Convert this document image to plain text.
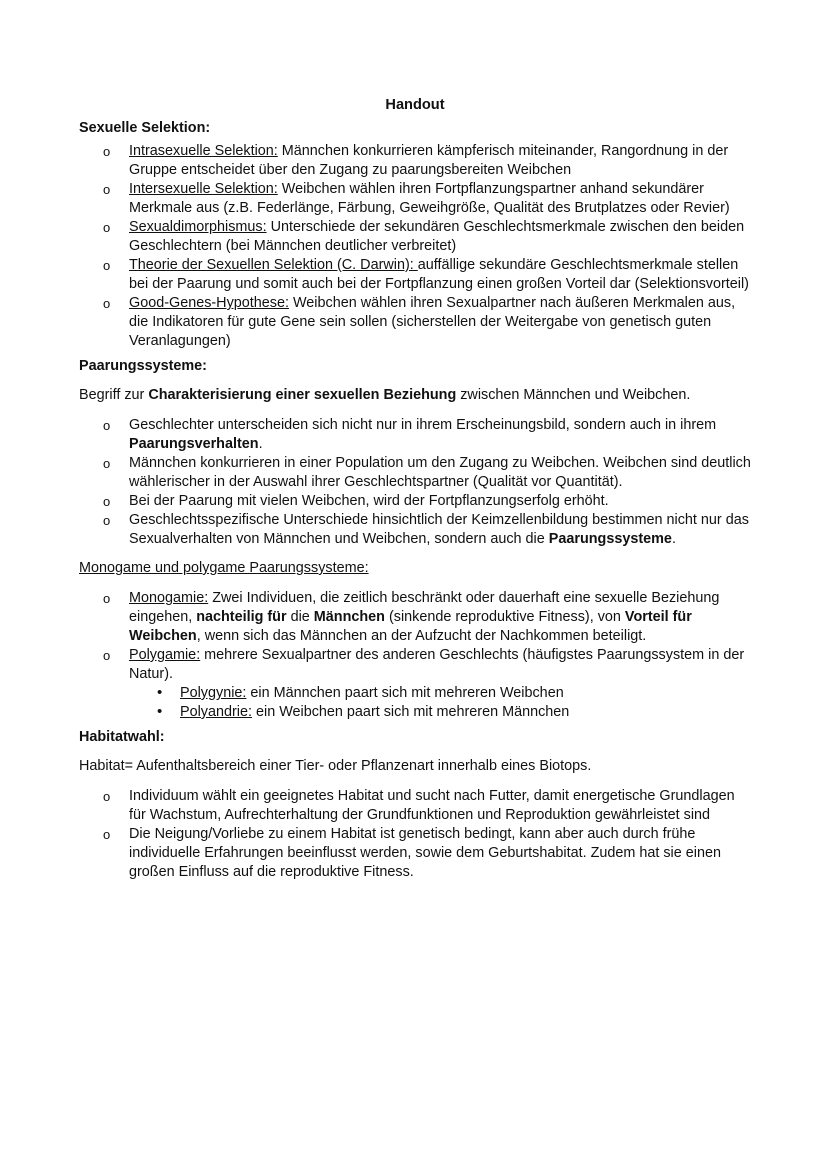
Handout
Sexuelle Selektion:
o Intrasexuelle Selektion: Männchen konkurrieren kämpferisch miteinander, Rangordnung in der Gruppe entscheidet über den Zugang zu paarungsbereiten Weibchen
o Intersexuelle Selektion: Weibchen wählen ihren Fortpflanzungspartner anhand sekundärer Merkmale aus (z.B. Federlänge, Färbung, Geweihgröße, Qualität des Brutplatzes oder Revier)
o Sexualdimorphismus: Unterschiede der sekundären Geschlechtsmerkmale zwischen den beiden Geschlechtern (bei Männchen deutlicher verbreitet)
o Theorie der Sexuellen Selektion (C. Darwin): auffällige sekundäre Geschlechtsmerkmale stellen bei der Paarung und somit auch bei der Fortpflanzung einen großen Vorteil dar (Selektionsvorteil)
o Good-Genes-Hypothese: Weibchen wählen ihren Sexualpartner nach äußeren Merkmalen aus, die Indikatoren für gute Gene sein sollen (sicherstellen der Weitergabe von genetisch guten Veranlagungen)
Paarungssysteme:

Begriff zur Charakterisierung einer sexuellen Beziehung zwischen Männchen und Weibchen.

o Geschlechter unterscheiden sich nicht nur in ihrem Erscheinungsbild, sondern auch in ihrem Paarungsverhalten.
o Männchen konkurrieren in einer Population um den Zugang zu Weibchen. Weibchen sind deutlich wählerischer in der Auswahl ihrer Geschlechtspartner (Qualität vor Quantität).
o Bei der Paarung mit vielen Weibchen, wird der Fortpflanzungserfolg erhöht.
o Geschlechtsspezifische Unterschiede hinsichtlich der Keimzellenbildung bestimmen nicht nur das Sexualverhalten von Männchen und Weibchen, sondern auch die Paarungssysteme.
Monogame und polygame Paarungssysteme:
o Monogamie: Zwei Individuen, die zeitlich beschränkt oder dauerhaft eine sexuelle Beziehung eingehen, nachteilig für die Männchen (sinkende reproduktive Fitness), von Vorteil für Weibchen, wenn sich das Männchen an der Aufzucht der Nachkommen beteiligt.
o Polygamie: mehrere Sexualpartner des anderen Geschlechts (häufigstes Paarungssystem in der Natur).
• Polygynie: ein Männchen paart sich mit mehreren Weibchen
• Polyandrie: ein Weibchen paart sich mit mehreren Männchen
Habitatwahl:

Habitat= Aufenthaltsbereich einer Tier- oder Pflanzenart innerhalb eines Biotops.

o Individuum wählt ein geeignetes Habitat und sucht nach Futter, damit energetische Grundlagen für Wachstum, Aufrechterhaltung der Grundfunktionen und Reproduktion gewährleistet sind
o Die Neigung/Vorliebe zu einem Habitat ist genetisch bedingt, kann aber auch durch frühe individuelle Erfahrungen beeinflusst werden, sowie dem Geburtshabitat. Zudem hat sie einen großen Einfluss auf die reproduktive Fitness.
